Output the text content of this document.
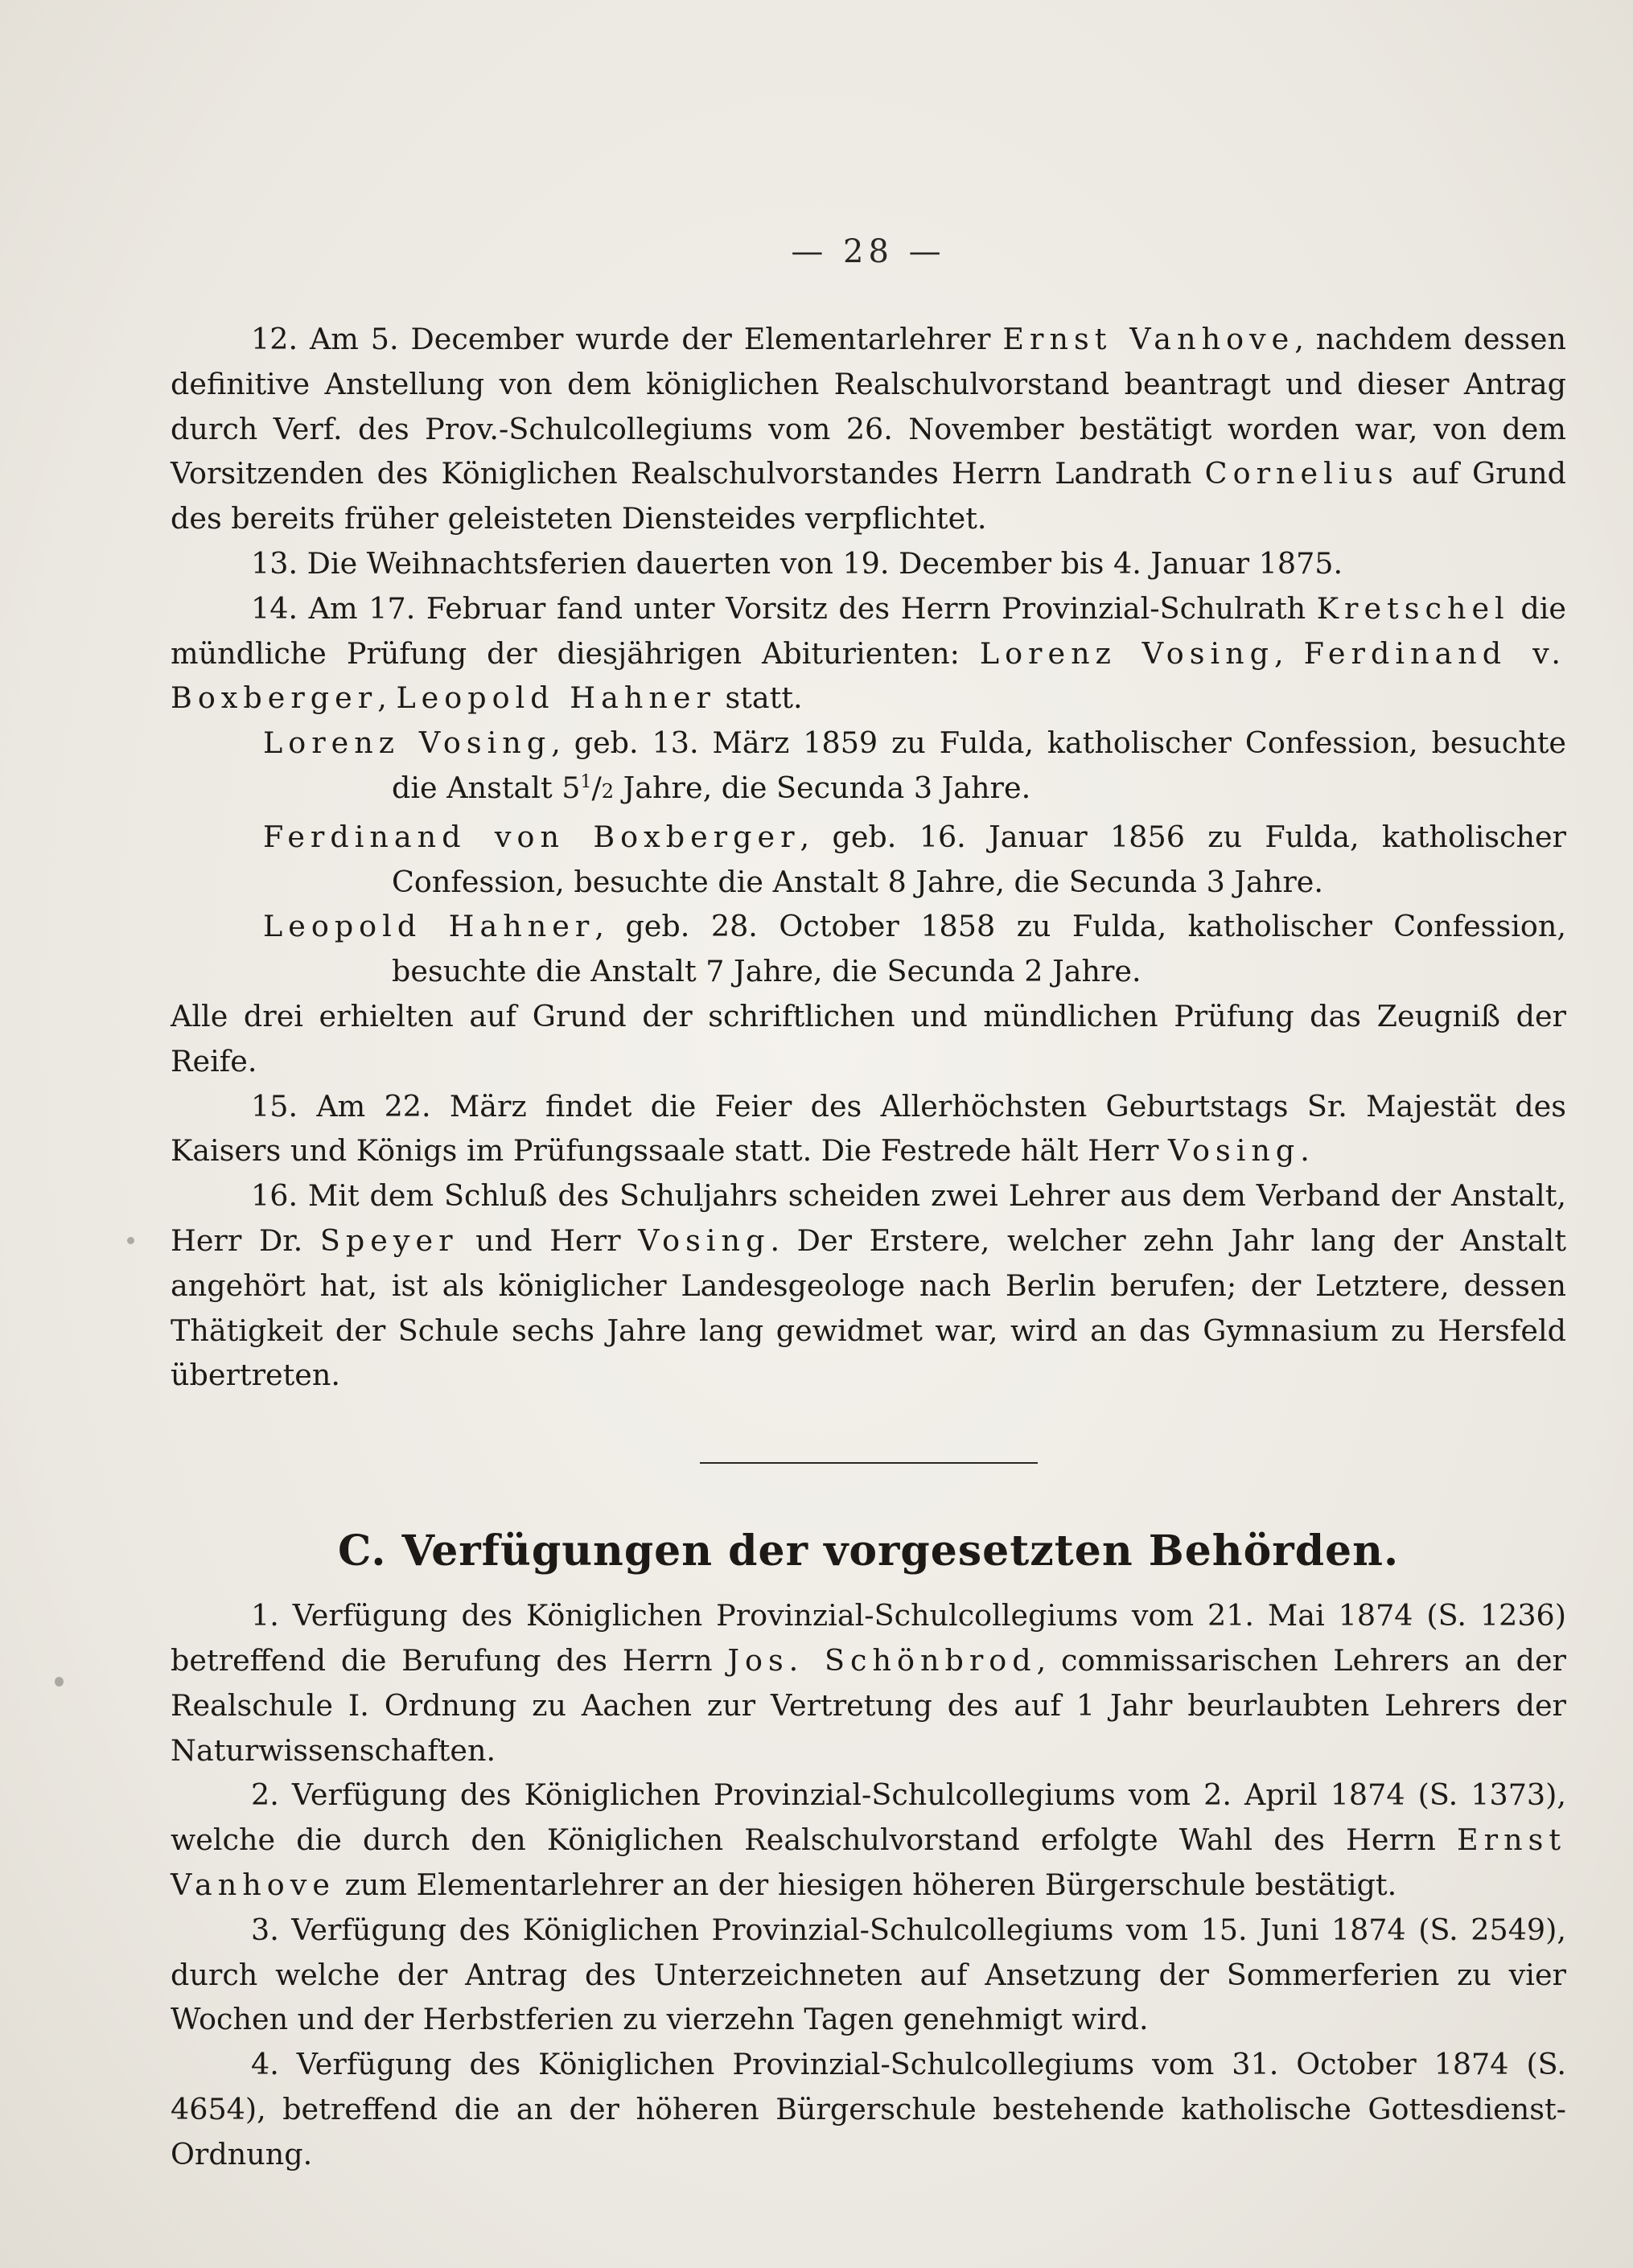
— 28 —

12. Am 5. December wurde der Elementarlehrer Ernst Vanhove, nachdem dessen definitive Anstellung von dem königlichen Realschulvorstand beantragt und dieser Antrag durch Verf. des Prov.-Schulcollegiums vom 26. November bestätigt worden war, von dem Vorsitzenden des Königlichen Realschulvorstandes Herrn Landrath Cornelius auf Grund des bereits früher geleisteten Diensteides verpflichtet.

13. Die Weihnachtsferien dauerten von 19. December bis 4. Januar 1875.

14. Am 17. Februar fand unter Vorsitz des Herrn Provinzial-Schulrath Kretschel die mündliche Prüfung der diesjährigen Abiturienten: Lorenz Vosing, Ferdinand v. Boxberger, Leopold Hahner statt.

Lorenz Vosing, geb. 13. März 1859 zu Fulda, katholischer Confession, besuchte die Anstalt $5^1/2$ Jahre, die Secunda 3 Jahre.

Ferdinand von Boxberger, geb. 16. Januar 1856 zu Fulda, katholischer Confession, besuchte die Anstalt 8 Jahre, die Secunda 3 Jahre.

Leopold Hahner, geb. 28. October 1858 zu Fulda, katholischer Confession, besuchte die Anstalt 7 Jahre, die Secunda 2 Jahre.

Alle drei erhielten auf Grund der schriftlichen und mündlichen Prüfung das Zeugniß der Reife.

15. Am 22. März findet die Feier des Allerhöchsten Geburtstags Sr. Majestät des Kaisers und Königs im Prüfungssaale statt. Die Festrede hält Herr Vosing.

16. Mit dem Schluß des Schuljahrs scheiden zwei Lehrer aus dem Verband der Anstalt, Herr Dr. Speyer und Herr Vosing. Der Erstere, welcher zehn Jahr lang der Anstalt angehört hat, ist als königlicher Landesgeologe nach Berlin berufen; der Letztere, dessen Thätigkeit der Schule sechs Jahre lang gewidmet war, wird an das Gymnasium zu Hersfeld übertreten.

C. Verfügungen der vorgesetzten Behörden.

1. Verfügung des Königlichen Provinzial-Schulcollegiums vom 21. Mai 1874 (S. 1236) betreffend die Berufung des Herrn Jos. Schönbrod, commissarischen Lehrers an der Realschule I. Ordnung zu Aachen zur Vertretung des auf 1 Jahr beurlaubten Lehrers der Naturwissenschaften.

2. Verfügung des Königlichen Provinzial-Schulcollegiums vom 2. April 1874 (S. 1373), welche die durch den Königlichen Realschulvorstand erfolgte Wahl des Herrn Ernst Vanhove zum Elementarlehrer an der hiesigen höheren Bürgerschule bestätigt.

3. Verfügung des Königlichen Provinzial-Schulcollegiums vom 15. Juni 1874 (S. 2549), durch welche der Antrag des Unterzeichneten auf Ansetzung der Sommerferien zu vier Wochen und der Herbstferien zu vierzehn Tagen genehmigt wird.

4. Verfügung des Königlichen Provinzial-Schulcollegiums vom 31. October 1874 (S. 4654), betreffend die an der höheren Bürgerschule bestehende katholische Gottesdienst-Ordnung.
